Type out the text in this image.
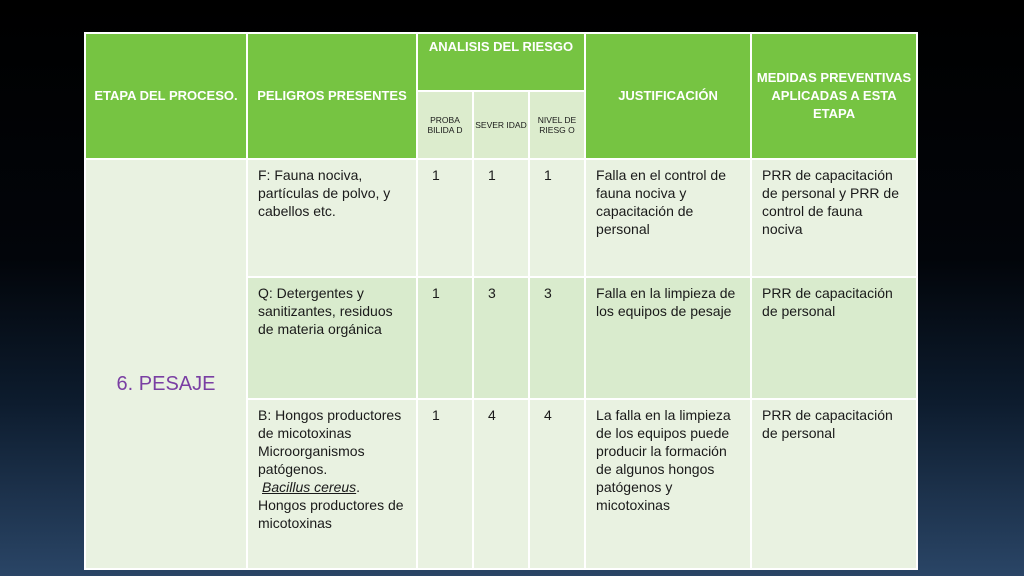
ETAPA DEL PROCESO.	PELIGROS PRESENTES	ANALISIS DEL RIESGO			JUSTIFICACIÓN	MEDIDAS PREVENTIVAS APLICADAS A ESTA ETAPA
		PROBA BILIDA D	SEVER IDAD	NIVEL DE RIESG O		
6. PESAJE	F: Fauna nociva, partículas de polvo, y cabellos etc.	1	1	1	Falla en el control de fauna nociva y capacitación de personal	PRR de capacitación de personal y PRR de control de fauna nociva
	Q: Detergentes y sanitizantes, residuos de materia orgánica	1	3	3	Falla en la limpieza de los equipos de pesaje	PRR de capacitación de personal

	B: Hongos productores de micotoxinas Microorganismos patógenos.
Bacillus cereus.
Hongos productores de micotoxinas	1	4	4	La falla en la limpieza de los equipos puede producir la formación de algunos hongos patógenos y micotoxinas	PRR de capacitación de personal
